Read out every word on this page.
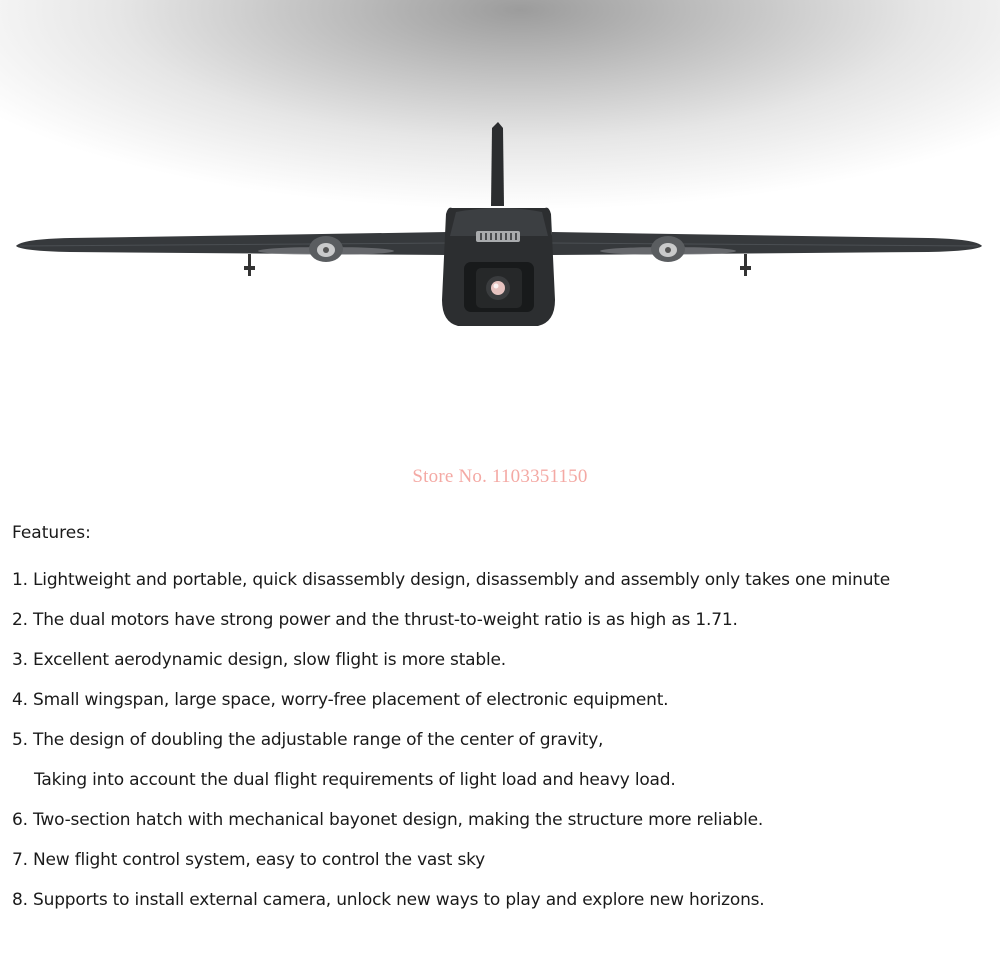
Store No. 1103351150
Features:
1. Lightweight and portable, quick disassembly design, disassembly and assembly only takes one minute
2. The dual motors have strong power and the thrust-to-weight ratio is as high as 1.71.
3. Excellent aerodynamic design, slow flight is more stable.
4. Small wingspan, large space, worry-free placement of electronic equipment.
5. The design of doubling the adjustable range of the center of gravity,
Taking into account the dual flight requirements of light load and heavy load.
6. Two-section hatch with mechanical bayonet design, making the structure more reliable.
7. New flight control system, easy to control the vast sky
8. Supports to install external camera, unlock new ways to play and explore new horizons.
